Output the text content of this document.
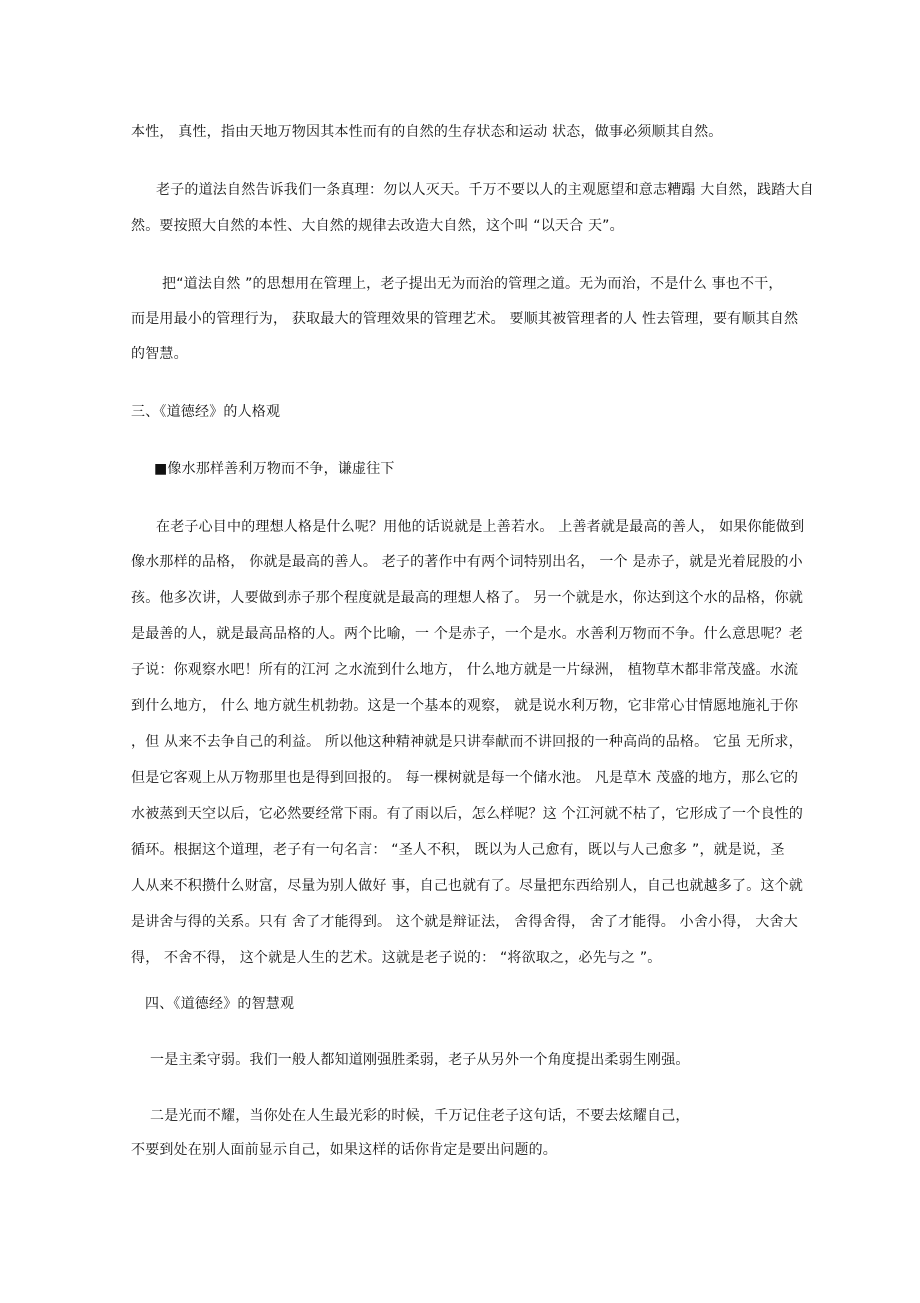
本性， 真性，指由天地万物因其本性而有的自然的生存状态和运动 状态，做事必须顺其自然。
老子的道法自然告诉我们一条真理：勿以人灭天。千万不要以人的主观愿望和意志糟蹋 大自然，践踏大自
然。要按照大自然的本性、大自然的规律去改造大自然，这个叫 “以天合 天”。
把“道法自然 ”的思想用在管理上，老子提出无为而治的管理之道。无为而治，不是什么 事也不干，
而是用最小的管理行为， 获取最大的管理效果的管理艺术。 要顺其被管理者的人 性去管理，要有顺其自然
的智慧。
三、《道德经》的人格观
■像水那样善利万物而不争，谦虚往下
在老子心目中的理想人格是什么呢？用他的话说就是上善若水。 上善者就是最高的善人， 如果你能做到
像水那样的品格， 你就是最高的善人。 老子的著作中有两个词特别出名， 一个 是赤子，就是光着屁股的小
孩。他多次讲，人要做到赤子那个程度就是最高的理想人格了。 另一个就是水，你达到这个水的品格，你就
是最善的人，就是最高品格的人。两个比喻，一 个是赤子，一个是水。水善利万物而不争。什么意思呢？老
子说：你观察水吧！所有的江河 之水流到什么地方， 什么地方就是一片绿洲， 植物草木都非常茂盛。水流
到什么地方， 什么 地方就生机勃勃。这是一个基本的观察， 就是说水利万物，它非常心甘情愿地施礼于你
，但 从来不去争自己的利益。 所以他这种精神就是只讲奉献而不讲回报的一种高尚的品格。 它虽 无所求，
但是它客观上从万物那里也是得到回报的。 每一棵树就是每一个储水池。 凡是草木 茂盛的地方，那么它的
水被蒸到天空以后，它必然要经常下雨。有了雨以后，怎么样呢？这 个江河就不枯了，它形成了一个良性的
循环。根据这个道理，老子有一句名言： “圣人不积， 既以为人己愈有，既以与人己愈多 ”，就是说，圣
人从来不积攒什么财富，尽量为别人做好 事，自己也就有了。尽量把东西给别人，自己也就越多了。这个就
是讲舍与得的关系。只有 舍了才能得到。 这个就是辩证法， 舍得舍得， 舍了才能得。 小舍小得， 大舍大
得， 不舍不得， 这个就是人生的艺术。这就是老子说的： “将欲取之，必先与之 ”。
四、《道德经》的智慧观
一是主柔守弱。我们一般人都知道刚强胜柔弱，老子从另外一个角度提出柔弱生刚强。
二是光而不耀，当你处在人生最光彩的时候，千万记住老子这句话，不要去炫耀自己，
不要到处在别人面前显示自己，如果这样的话你肯定是要出问题的。
